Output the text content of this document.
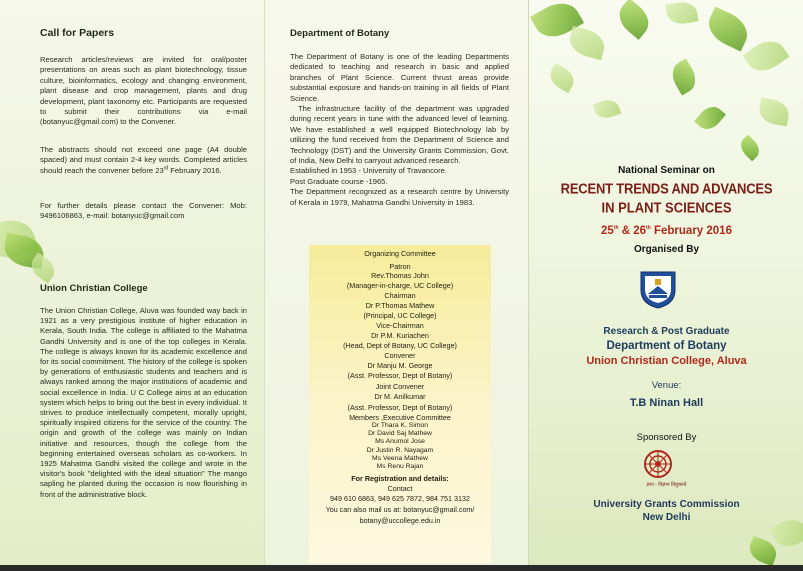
Call for Papers
Research articles/reviews are invited for oral/poster presentations on areas such as plant biotechnology, tissue culture, bioinformatics, ecology and changing environment, plant disease and crop management, plants and drug development, plant taxonomy etc. Participants are requested to submit their contributions via e-mail (botanyuc@gmail.com) to the Convener.
The abstracts should not exceed one page (A4 double spaced) and must contain 2-4 key words. Completed articles should reach the convener before 23rd February 2016.
For further details please contact the Convener: Mob: 9496106863, e-mail: botanyuc@gmail.com
Union Christian College
The Union Christian College, Aluva was founded way back in 1921 as a very prestigious institute of higher education in Kerala, South India. The college is affiliated to the Mahatma Gandhi University and is one of the top colleges in Kerala. The college is always known for its academic excellence and for its social commitment. The history of the college is spoken by generations of enthusiastic students and teachers and is always ranked among the major institutions of academic and social excellence in India. U C College aims at an education system which helps to bring out the best in every individual. It strives to produce intellectually competent, morally upright, spiritually inspired citizens for the service of the country. The origin and growth of the college was mainly on Indian initiative and resources, though the college from the beginning entertained overseas scholars as co-workers. In 1925 Mahatma Gandhi visited the college and wrote in the visitor's book "delighted with the ideal situation" The mango sapling he planted during the occasion is now flourishing in front of the administrative block.
Department of Botany
The Department of Botany is one of the leading Departments dedicated to teaching and research in basic and applied branches of Plant Science. Current thrust areas provide substantial exposure and hands-on training in all fields of Plant Science.
The infrastructure facility of the department was upgraded during recent years in tune with the advanced level of learning. We have established a well equipped Biotechnology lab by utilizing the fund received from the Department of Science and Technology (DST) and the University Grants Commission, Govt. of India, New Delhi to carryout advanced research.
Established in 1953 - University of Travancore.
Post Graduate course -1965.
The Department recognized as a research centre by University of Kerala in 1979, Mahatma Gandhi University in 1983.
Organizing Committee
Patron
Rev.Thomas John
(Manager-in-charge, UC College)
Chairman
Dr P.Thomas Mathew
(Principal, UC College)
Vice-Chairman
Dr P.M. Kuriachen
(Head, Dept of Botany, UC College)
Convener
Dr Manju M. George
(Asst. Professor, Dept of Botany)
Joint Convener
Dr M. Anilkumar
(Asst. Professor, Dept of Botany)
Members ,Executive Committee
Dr Thara K. Simon
Dr David Saj Mathew
Ms Anumol Jose
Dr Justin R. Nayagam
Ms Veena Mathew
Ms Renu Rajan
For Registration and details:
Contact
949 610 6863, 949 625 7872, 984 751 3132
You can also mail us at: botanyuc@gmail.com/
botany@uccollege.edu.in
National Seminar on
RECENT TRENDS AND ADVANCES
IN PLANT SCIENCES
25th & 26th February 2016
Organised By
Research & Post Graduate
Department of Botany
Union Christian College, Aluva
Venue:
T.B Ninan Hall
Sponsored By
ज्ञान - विज्ञान विमुक्तये
University Grants Commission
New Delhi
